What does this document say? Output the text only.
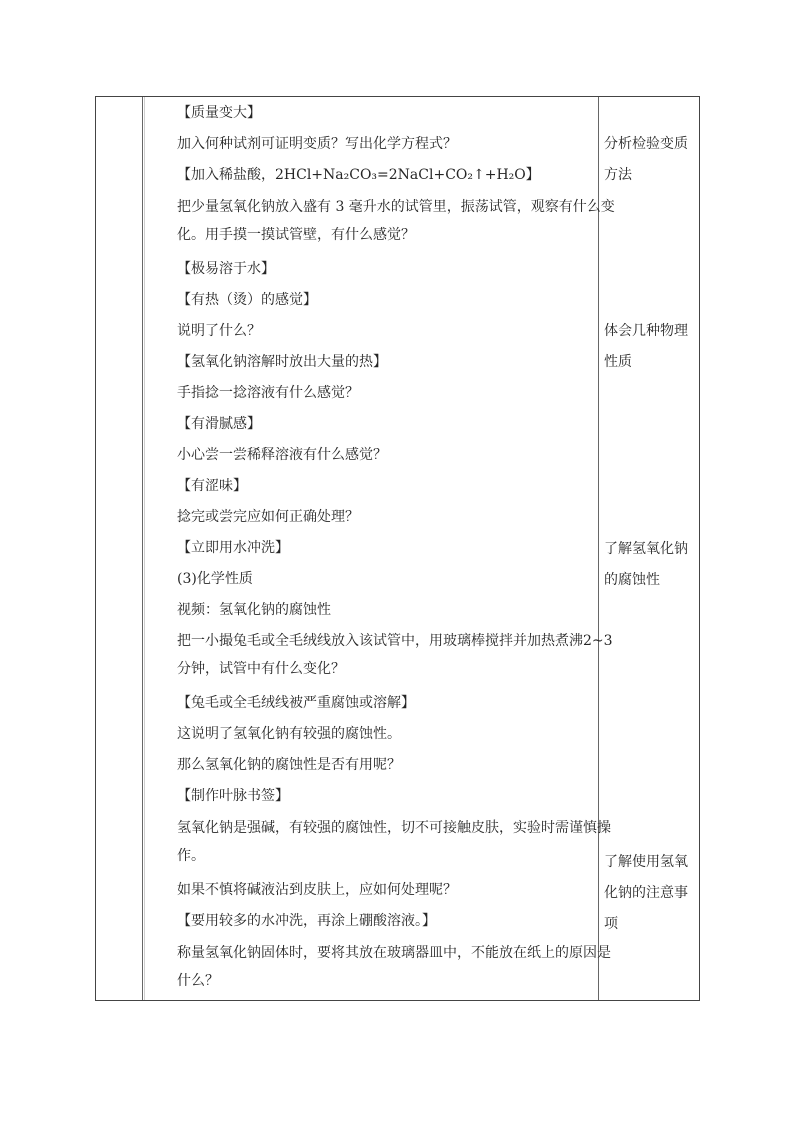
【质量变大】
加入何种试剂可证明变质？写出化学方程式？
【加入稀盐酸，2HCl+Na₂CO₃=2NaCl+CO₂↑+H₂O】
把少量氢氧化钠放入盛有 3 毫升水的试管里，振荡试管，观察有什么变化。用手摸一摸试管壁，有什么感觉？
【极易溶于水】
【有热（烫）的感觉】
说明了什么？
【氢氧化钠溶解时放出大量的热】
手指捻一捻溶液有什么感觉？
【有滑腻感】
小心尝一尝稀释溶液有什么感觉？
【有涩味】
捻完或尝完应如何正确处理？
【立即用水冲洗】
(3)化学性质
视频：氢氧化钠的腐蚀性
把一小撮兔毛或全毛绒线放入该试管中，用玻璃棒搅拌并加热煮沸2~3分钟，试管中有什么变化？
【兔毛或全毛绒线被严重腐蚀或溶解】
这说明了氢氧化钠有较强的腐蚀性。
那么氢氧化钠的腐蚀性是否有用呢？
【制作叶脉书签】
氢氧化钠是强碱，有较强的腐蚀性，切不可接触皮肤，实验时需谨慎操作。
如果不慎将碱液沾到皮肤上，应如何处理呢？
【要用较多的水冲洗，再涂上硼酸溶液。】
称量氢氧化钠固体时，要将其放在玻璃器皿中，不能放在纸上的原因是什么？
分析检验变质方法
体会几种物理性质
了解氢氧化钠的腐蚀性
了解使用氢氧化钠的注意事项
